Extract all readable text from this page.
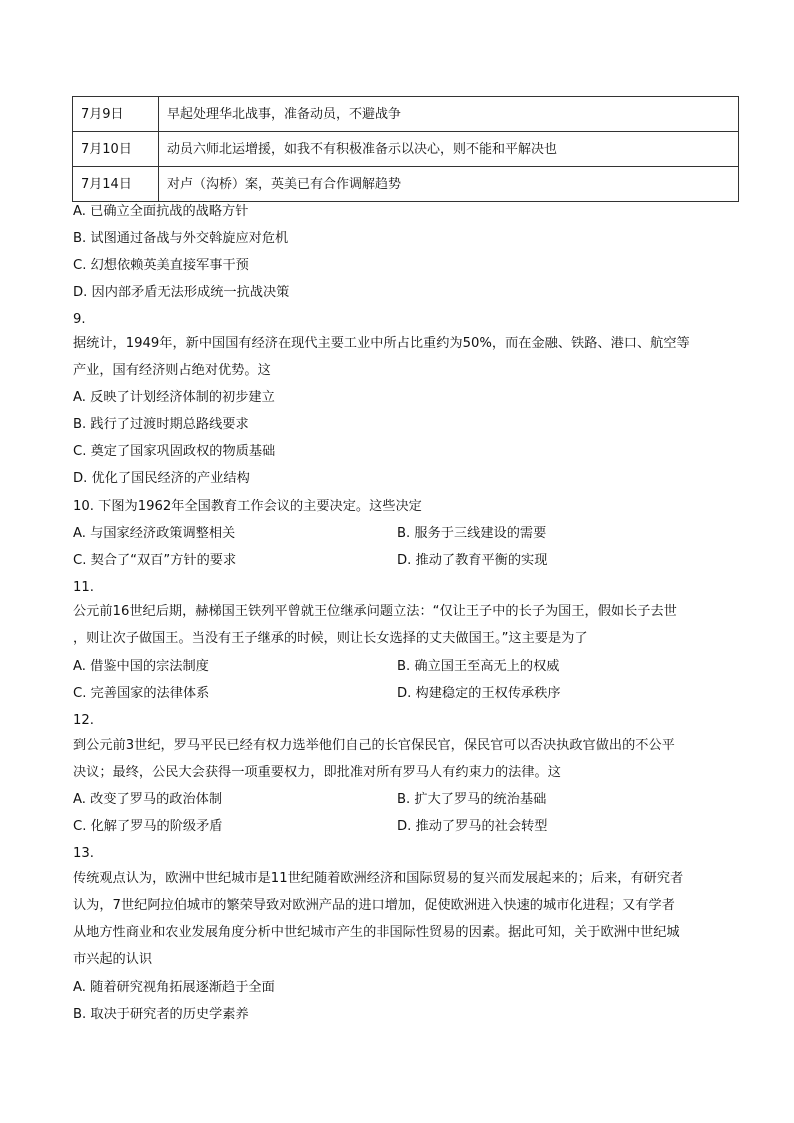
7月9日	早起处理华北战事，准备动员，不避战争
7月10日	动员六师北运增援，如我不有积极准备示以决心，则不能和平解决也
7月14日	对卢（沟桥）案，英美已有合作调解趋势
A. 已确立全面抗战的战略方针
B. 试图通过备战与外交斡旋应对危机
C. 幻想依赖英美直接军事干预
D. 因内部矛盾无法形成统一抗战决策
9.
据统计，1949年，新中国国有经济在现代主要工业中所占比重约为50%，而在金融、铁路、港口、航空等
产业，国有经济则占绝对优势。这
A. 反映了计划经济体制的初步建立
B. 践行了过渡时期总路线要求
C. 奠定了国家巩固政权的物质基础
D. 优化了国民经济的产业结构
10. 下图为1962年全国教育工作会议的主要决定。这些决定
A. 与国家经济政策调整相关	B. 服务于三线建设的需要
C. 契合了“双百”方针的要求	D. 推动了教育平衡的实现
11.
公元前16世纪后期，赫梯国王铁列平曾就王位继承问题立法：“仅让王子中的长子为国王，假如长子去世
，则让次子做国王。当没有王子继承的时候，则让长女选择的丈夫做国王。”这主要是为了
A. 借鉴中国的宗法制度	B. 确立国王至高无上的权威
C. 完善国家的法律体系	D. 构建稳定的王权传承秩序
12.
到公元前3世纪，罗马平民已经有权力选举他们自己的长官保民官，保民官可以否决执政官做出的不公平
决议；最终，公民大会获得一项重要权力，即批准对所有罗马人有约束力的法律。这
A. 改变了罗马的政治体制	B. 扩大了罗马的统治基础
C. 化解了罗马的阶级矛盾	D. 推动了罗马的社会转型
13.
传统观点认为，欧洲中世纪城市是11世纪随着欧洲经济和国际贸易的复兴而发展起来的；后来，有研究者
认为，7世纪阿拉伯城市的繁荣导致对欧洲产品的进口增加，促使欧洲进入快速的城市化进程；又有学者
从地方性商业和农业发展角度分析中世纪城市产生的非国际性贸易的因素。据此可知，关于欧洲中世纪城
市兴起的认识
A. 随着研究视角拓展逐渐趋于全面
B. 取决于研究者的历史学素养
